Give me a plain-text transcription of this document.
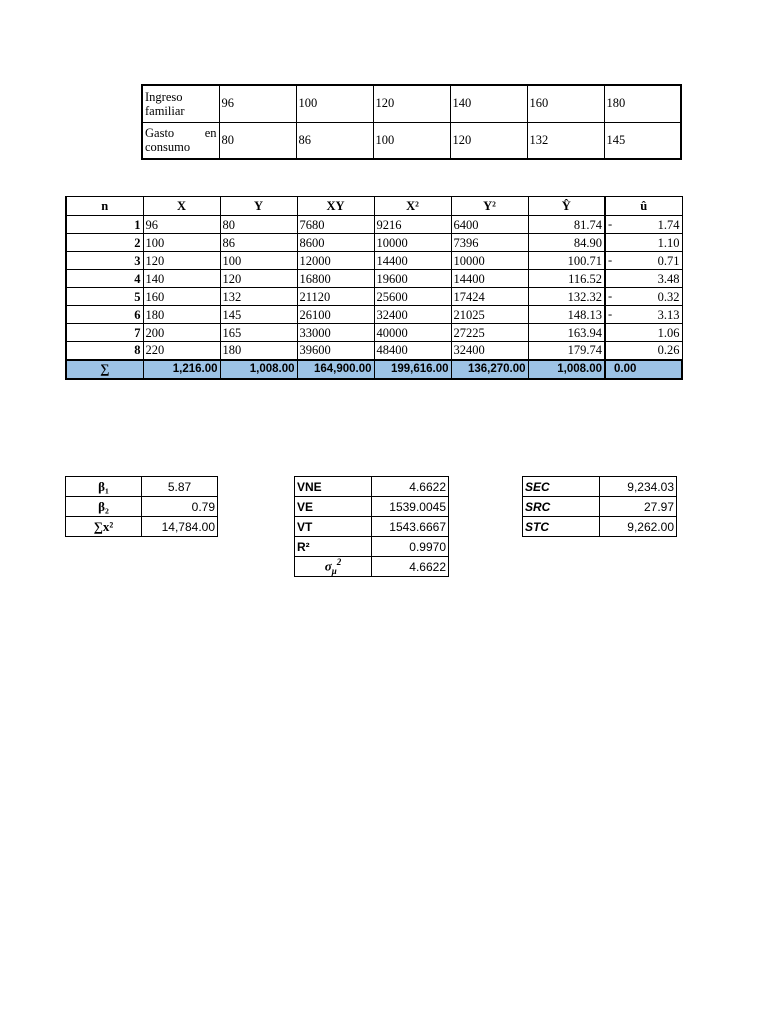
Ingreso
familiar	96	100	120	140	160	180

Gasto en
consumo	80	86	100	120	132	145
n	X	Y	XY	X²	Y²	Ŷ	û
1	96	80	7680	9216	6400	81.74	- 1.74
2	100	86	8600	10000	7396	84.90	1.10
3	120	100	12000	14400	10000	100.71	- 0.71
4	140	120	16800	19600	14400	116.52	3.48
5	160	132	21120	25600	17424	132.32	- 0.32
6	180	145	26100	32400	21025	148.13	- 3.13
7	200	165	33000	40000	27225	163.94	1.06
8	220	180	39600	48400	32400	179.74	0.26
∑	1,216.00	1,008.00	164,900.00	199,616.00	136,270.00	1,008.00	0.00
β₁	5.87
β₂	0.79
∑x²	14,784.00
VNE	4.6622
VE	1539.0045
VT	1543.6667
R²	0.9970
$\sigma_\mu^2$	4.6622
SEC	9,234.03
SRC	27.97
STC	9,262.00
